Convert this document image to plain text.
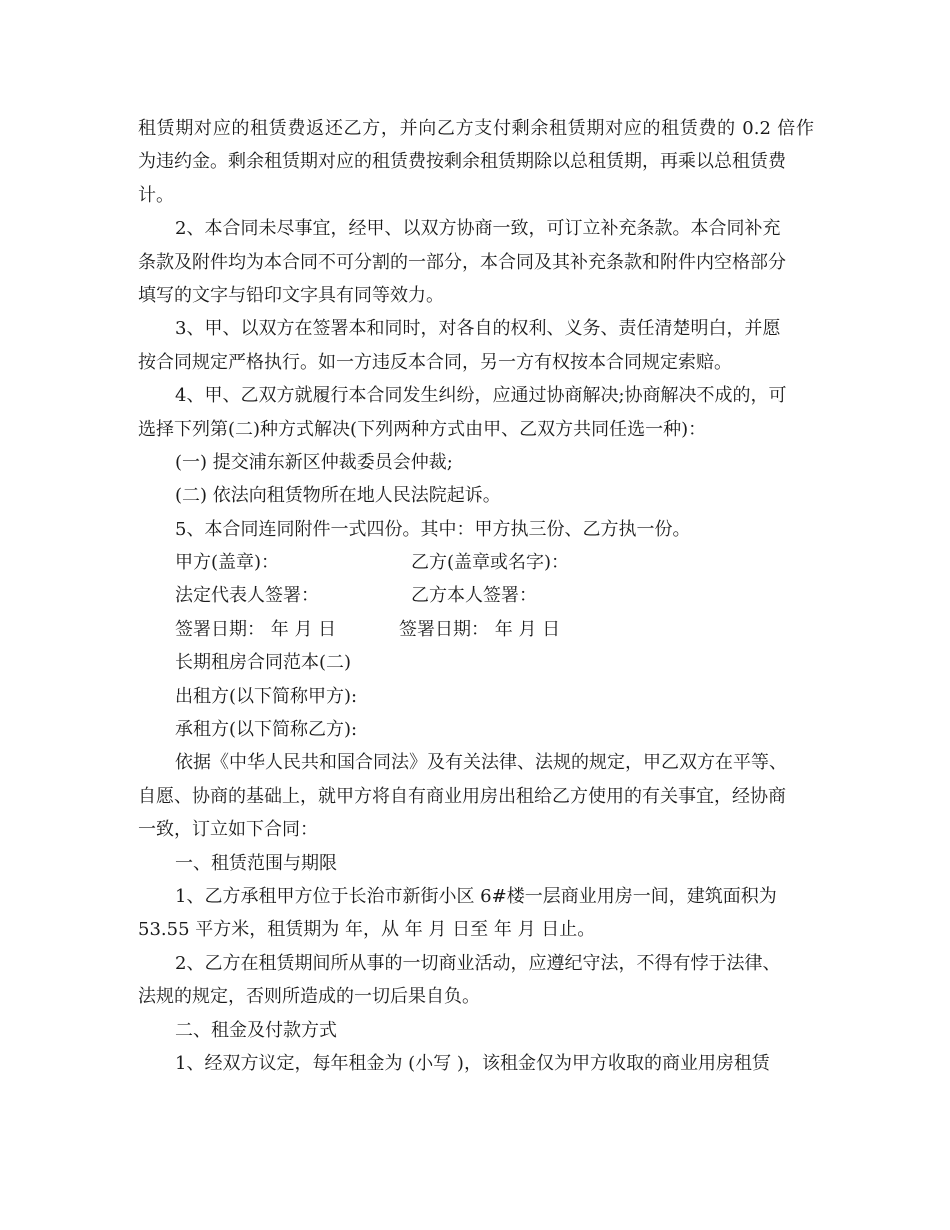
租赁期对应的租赁费返还乙方，并向乙方支付剩余租赁期对应的租赁费的 0.2 倍作
为违约金。剩余租赁期对应的租赁费按剩余租赁期除以总租赁期，再乘以总租赁费
计。
2、本合同未尽事宜，经甲、以双方协商一致，可订立补充条款。本合同补充
条款及附件均为本合同不可分割的一部分，本合同及其补充条款和附件内空格部分
填写的文字与铅印文字具有同等效力。
3、甲、以双方在签署本和同时，对各自的权利、义务、责任清楚明白，并愿
按合同规定严格执行。如一方违反本合同，另一方有权按本合同规定索赔。
4、甲、乙双方就履行本合同发生纠纷，应通过协商解决;协商解决不成的，可
选择下列第(二)种方式解决(下列两种方式由甲、乙双方共同任选一种)：
(一) 提交浦东新区仲裁委员会仲裁;
(二) 依法向租赁物所在地人民法院起诉。
5、本合同连同附件一式四份。其中：甲方执三份、乙方执一份。
甲方(盖章)：	乙方(盖章或名字)：
法定代表人签署：	乙方本人签署：
签署日期： 年 月 日	签署日期： 年 月 日
长期租房合同范本(二)
出租方(以下简称甲方):
承租方(以下简称乙方):
依据《中华人民共和国合同法》及有关法律、法规的规定，甲乙双方在平等、
自愿、协商的基础上，就甲方将自有商业用房出租给乙方使用的有关事宜，经协商
一致，订立如下合同：
一、租赁范围与期限
1、乙方承租甲方位于长治市新街小区 6#楼一层商业用房一间，建筑面积为
53.55 平方米，租赁期为 年，从 年 月 日至 年 月 日止。
2、乙方在租赁期间所从事的一切商业活动，应遵纪守法，不得有悖于法律、
法规的规定，否则所造成的一切后果自负。
二、租金及付款方式
1、经双方议定，每年租金为 (小写 )，该租金仅为甲方收取的商业用房租赁
